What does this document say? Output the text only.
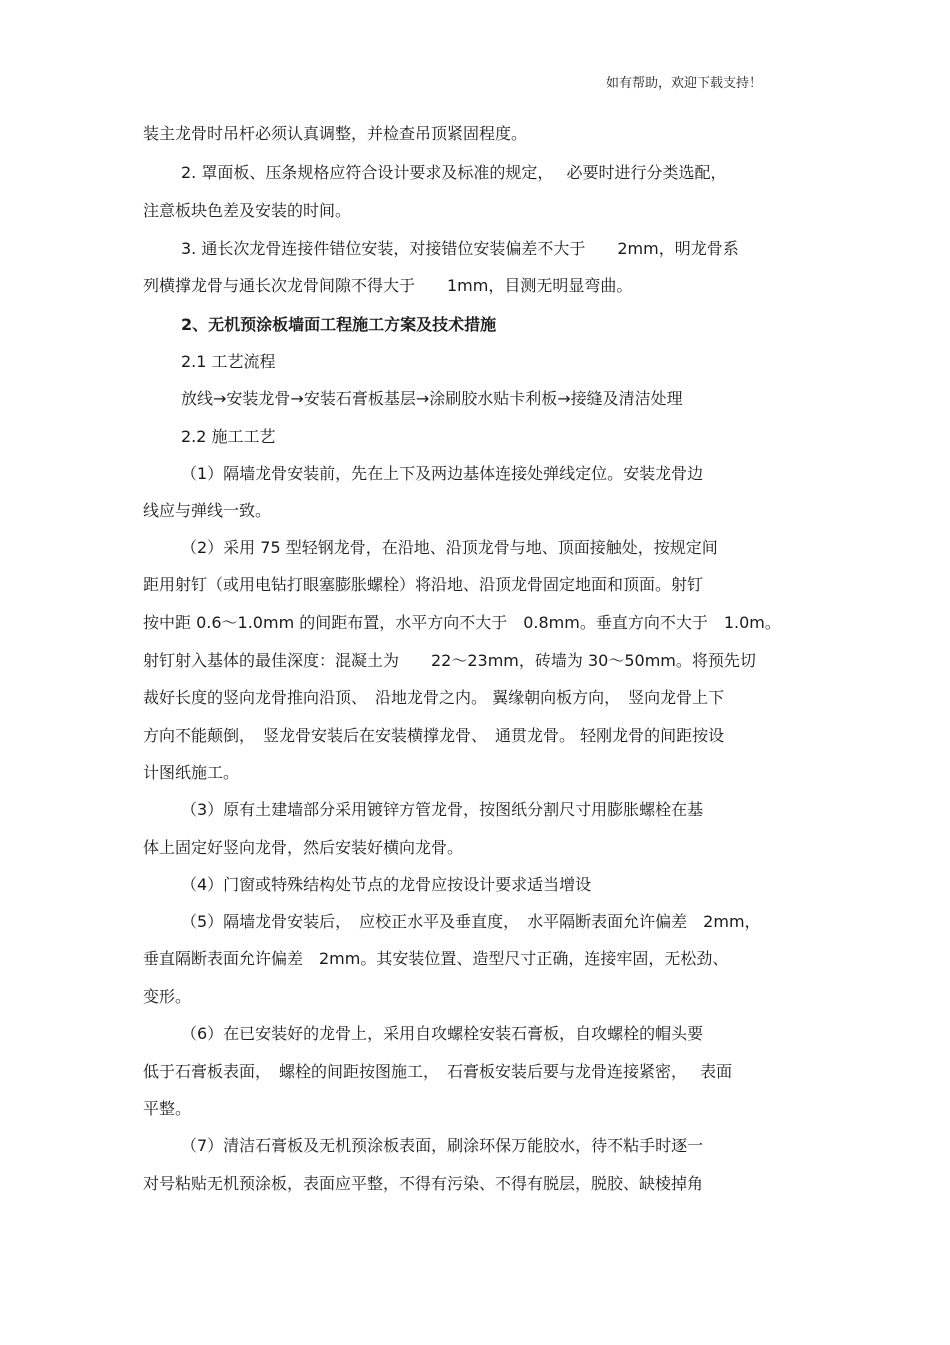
如有帮助，欢迎下载支持！
装主龙骨时吊杆必须认真调整，并检查吊顶紧固程度。
2. 罩面板、压条规格应符合设计要求及标准的规定，　 必要时进行分类选配，
注意板块色差及安装的时间。
3. 通长次龙骨连接件错位安装，对接错位安装偏差不大于　　2mm，明龙骨系
列横撑龙骨与通长次龙骨间隙不得大于　　1mm，目测无明显弯曲。
2、无机预涂板墙面工程施工方案及技术措施
2.1 工艺流程
放线→安装龙骨→安装石膏板基层→涂刷胶水贴卡利板→接缝及清洁处理
2.2 施工工艺
（1）隔墙龙骨安装前，先在上下及两边基体连接处弹线定位。安装龙骨边
线应与弹线一致。
（2）采用 75 型轻钢龙骨，在沿地、沿顶龙骨与地、顶面接触处，按规定间
距用射钉（或用电钻打眼塞膨胀螺栓）将沿地、沿顶龙骨固定地面和顶面。射钉
按中距 0.6～1.0mm 的间距布置，水平方向不大于　0.8mm。垂直方向不大于　1.0m。
射钉射入基体的最佳深度：混凝土为　　22～23mm，砖墙为 30～50mm。将预先切
裁好长度的竖向龙骨推向沿顶、　沿地龙骨之内。 翼缘朝向板方向，　竖向龙骨上下
方向不能颠倒，　竖龙骨安装后在安装横撑龙骨、　通贯龙骨。 轻刚龙骨的间距按设
计图纸施工。
（3）原有土建墙部分采用镀锌方管龙骨，按图纸分割尺寸用膨胀螺栓在基
体上固定好竖向龙骨，然后安装好横向龙骨。
（4）门窗或特殊结构处节点的龙骨应按设计要求适当增设
（5）隔墙龙骨安装后，　应校正水平及垂直度，　水平隔断表面允许偏差　2mm，
垂直隔断表面允许偏差　2mm。其安装位置、造型尺寸正确，连接牢固，无松劲、
变形。
（6）在已安装好的龙骨上，采用自攻螺栓安装石膏板，自攻螺栓的帽头要
低于石膏板表面，　螺栓的间距按图施工，　石膏板安装后要与龙骨连接紧密，　 表面
平整。
（7）清洁石膏板及无机预涂板表面，刷涂环保万能胶水，待不粘手时逐一
对号粘贴无机预涂板，表面应平整，不得有污染、不得有脱层，脱胶、缺棱掉角
